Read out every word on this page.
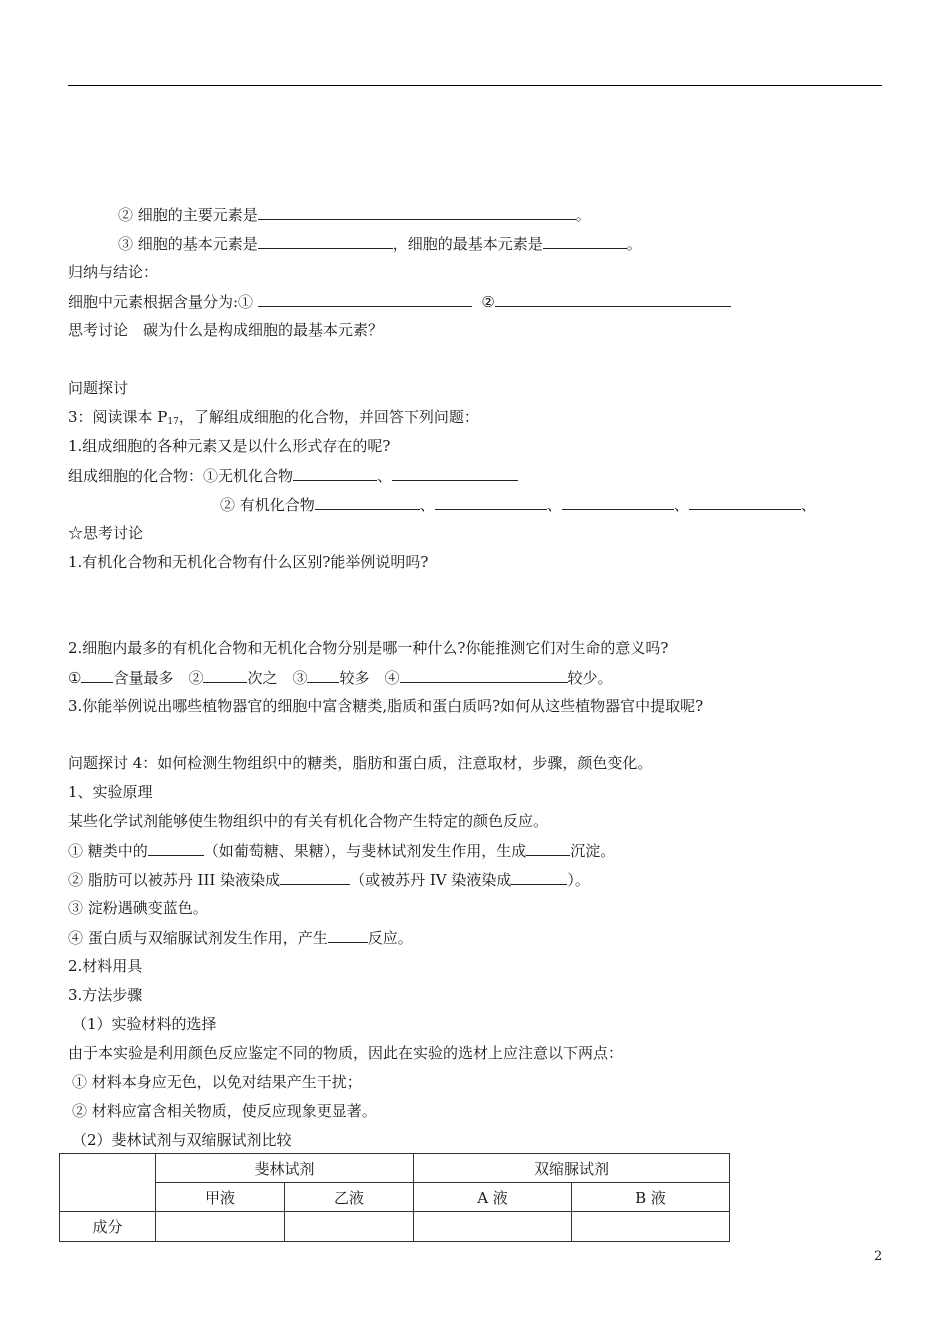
② 细胞的主要元素是	。
③ 细胞的基本元素是	，细胞的最基本元素是	。
归纳与结论：
细胞中元素根据含量分为:①	②
思考讨论　碳为什么是构成细胞的最基本元素？
问题探讨
3：阅读课本 $P_{17}$，了解组成细胞的化合物，并回答下列问题：
1.组成细胞的各种元素又是以什么形式存在的呢?
组成细胞的化合物：①无机化合物	、
② 有机化合物	、	、	、	、
☆思考讨论
1.有机化合物和无机化合物有什么区别?能举例说明吗?
2.细胞内最多的有机化合物和无机化合物分别是哪一种什么?你能推测它们对生命的意义吗?
① 含量最多　②	次之　③ 较多　④	较少。
3.你能举例说出哪些植物器官的细胞中富含糖类,脂质和蛋白质吗?如何从这些植物器官中提取呢?
问题探讨 4：如何检测生物组织中的糖类，脂肪和蛋白质，注意取材，步骤，颜色变化。
1、实验原理
某些化学试剂能够使生物组织中的有关有机化合物产生特定的颜色反应。
① 糖类中的	（如葡萄糖、果糖），与斐林试剂发生作用，生成	沉淀。
② 脂肪可以被苏丹 III 染液染成	（或被苏丹 IV 染液染成	）。
③ 淀粉遇碘变蓝色。
④ 蛋白质与双缩脲试剂发生作用，产生	反应。
2.材料用具
3.方法步骤
（1）实验材料的选择
由于本实验是利用颜色反应鉴定不同的物质，因此在实验的选材上应注意以下两点：
① 材料本身应无色，以免对结果产生干扰；
② 材料应富含相关物质，使反应现象更显著。
（2）斐林试剂与双缩脲试剂比较
	斐林试剂		双缩脲试剂	
	甲液	乙液	A 液	B 液
成分				
2
